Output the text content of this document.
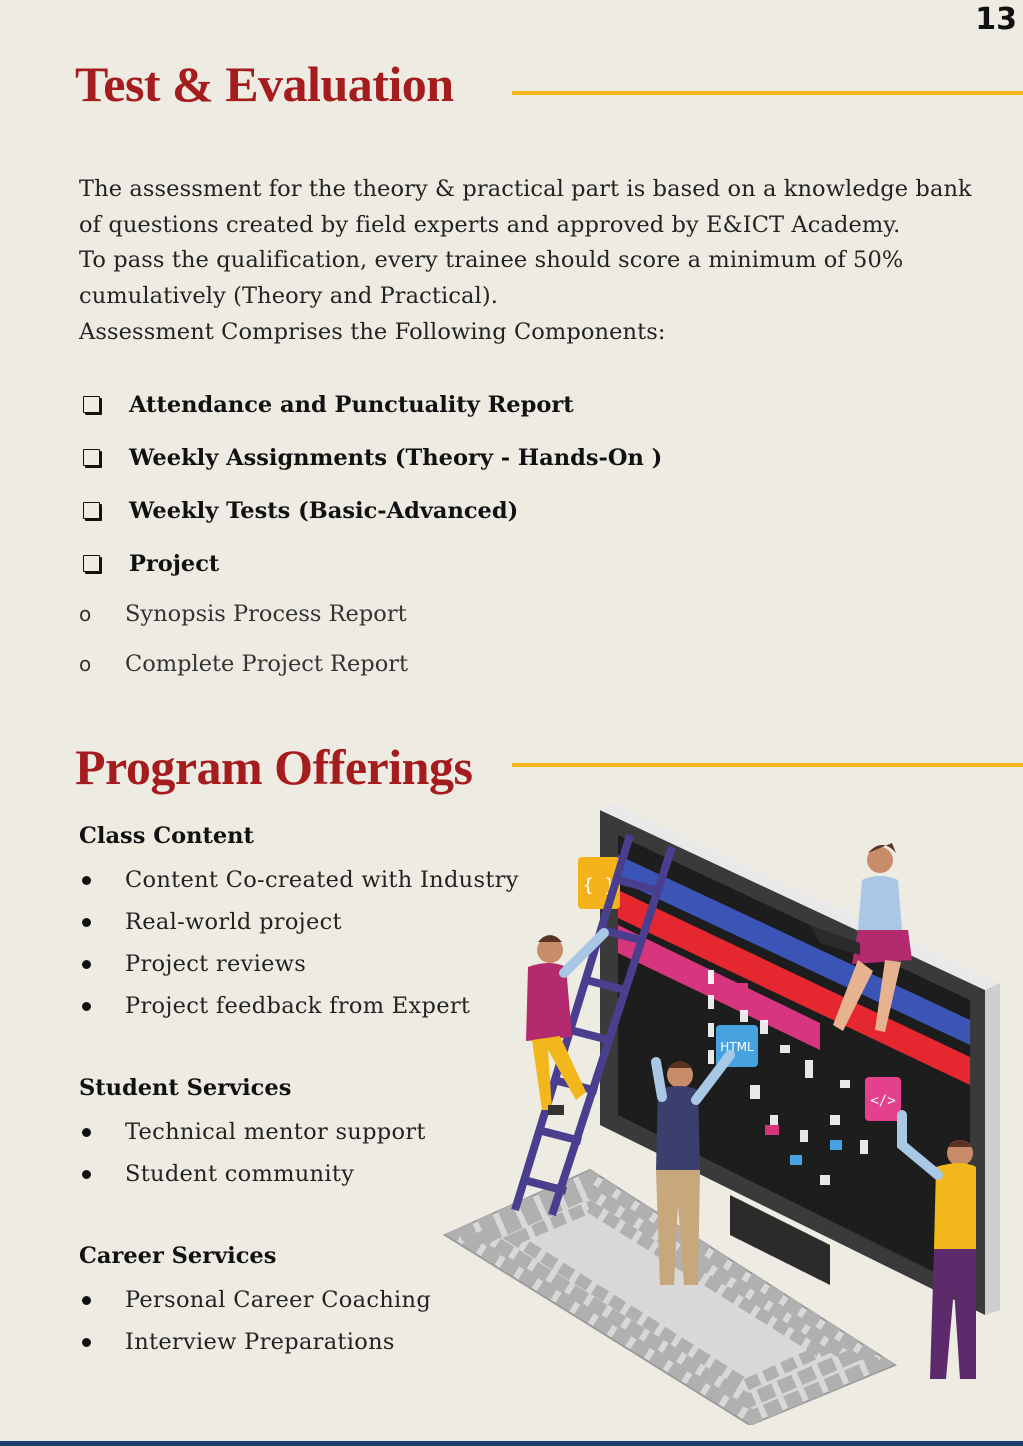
13
Test & Evaluation

The assessment for the theory & practical part is based on a knowledge bank of questions created by field experts and approved by E&ICT Academy.

To pass the qualification, every trainee should score a minimum of 50% cumulatively (Theory and Practical).

Assessment Comprises the Following Components:

Attendance and Punctuality Report
Weekly Assignments (Theory - Hands-On )
Weekly Tests (Basic-Advanced)
Project
o	Synopsis Process Report
o	Complete Project Report
Program Offerings
Class Content
Content Co-created with Industry
Real-world project
Project reviews
Project feedback from Expert
Student Services
Technical mentor support
Student community
Career Services
Personal Career Coaching
Interview Preparations
{ }
HTML
</>
